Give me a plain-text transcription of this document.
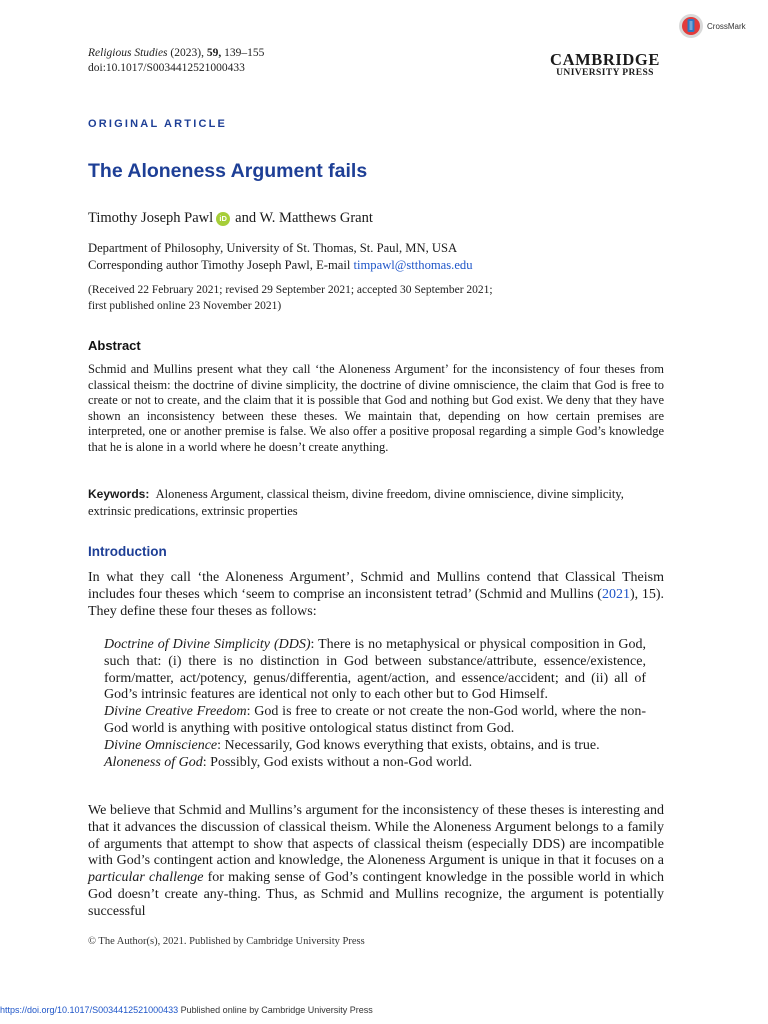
Religious Studies (2023), 59, 139–155
doi:10.1017/S0034412521000433
CrossMark
CAMBRIDGE
UNIVERSITY PRESS
ORIGINAL ARTICLE
The Aloneness Argument fails
Timothy Joseph Pawl iD and W. Matthews Grant
Department of Philosophy, University of St. Thomas, St. Paul, MN, USA
Corresponding author Timothy Joseph Pawl, E-mail timpawl@stthomas.edu
(Received 22 February 2021; revised 29 September 2021; accepted 30 September 2021;
first published online 23 November 2021)
Abstract

Schmid and Mullins present what they call ‘the Aloneness Argument’ for the inconsistency of four theses from classical theism: the doctrine of divine simplicity, the doctrine of divine omniscience, the claim that God is free to create or not to create, and the claim that it is possible that God and nothing but God exist. We deny that they have shown an inconsistency between these theses. We maintain that, depending on how certain premises are interpreted, one or another premise is false. We also offer a positive proposal regarding a simple God’s knowledge that he is alone in a world where he doesn’t create anything.

Keywords: Aloneness Argument, classical theism, divine freedom, divine omniscience, divine simplicity, extrinsic predications, extrinsic properties

Introduction

In what they call ‘the Aloneness Argument’, Schmid and Mullins contend that Classical Theism includes four theses which ‘seem to comprise an inconsistent tetrad’ (Schmid and Mullins (2021), 15). They define these four theses as follows:

Doctrine of Divine Simplicity (DDS): There is no metaphysical or physical composition in God, such that: (i) there is no distinction in God between substance/attribute, essence/existence, form/matter, act/potency, genus/differentia, agent/action, and essence/accident; and (ii) all of God’s intrinsic features are identical not only to each other but to God Himself.

Divine Creative Freedom: God is free to create or not create the non-God world, where the non-God world is anything with positive ontological status distinct from God.

Divine Omniscience: Necessarily, God knows everything that exists, obtains, and is true.

Aloneness of God: Possibly, God exists without a non-God world.

We believe that Schmid and Mullins’s argument for the inconsistency of these theses is interesting and that it advances the discussion of classical theism. While the Aloneness Argument belongs to a family of arguments that attempt to show that aspects of classical theism (especially DDS) are incompatible with God’s contingent action and knowledge, the Aloneness Argument is unique in that it focuses on a particular challenge for making sense of God’s contingent knowledge in the possible world in which God doesn’t create any-thing. Thus, as Schmid and Mullins recognize, the argument is potentially successful

© The Author(s), 2021. Published by Cambridge University Press
https://doi.org/10.1017/S0034412521000433 Published online by Cambridge University Press
